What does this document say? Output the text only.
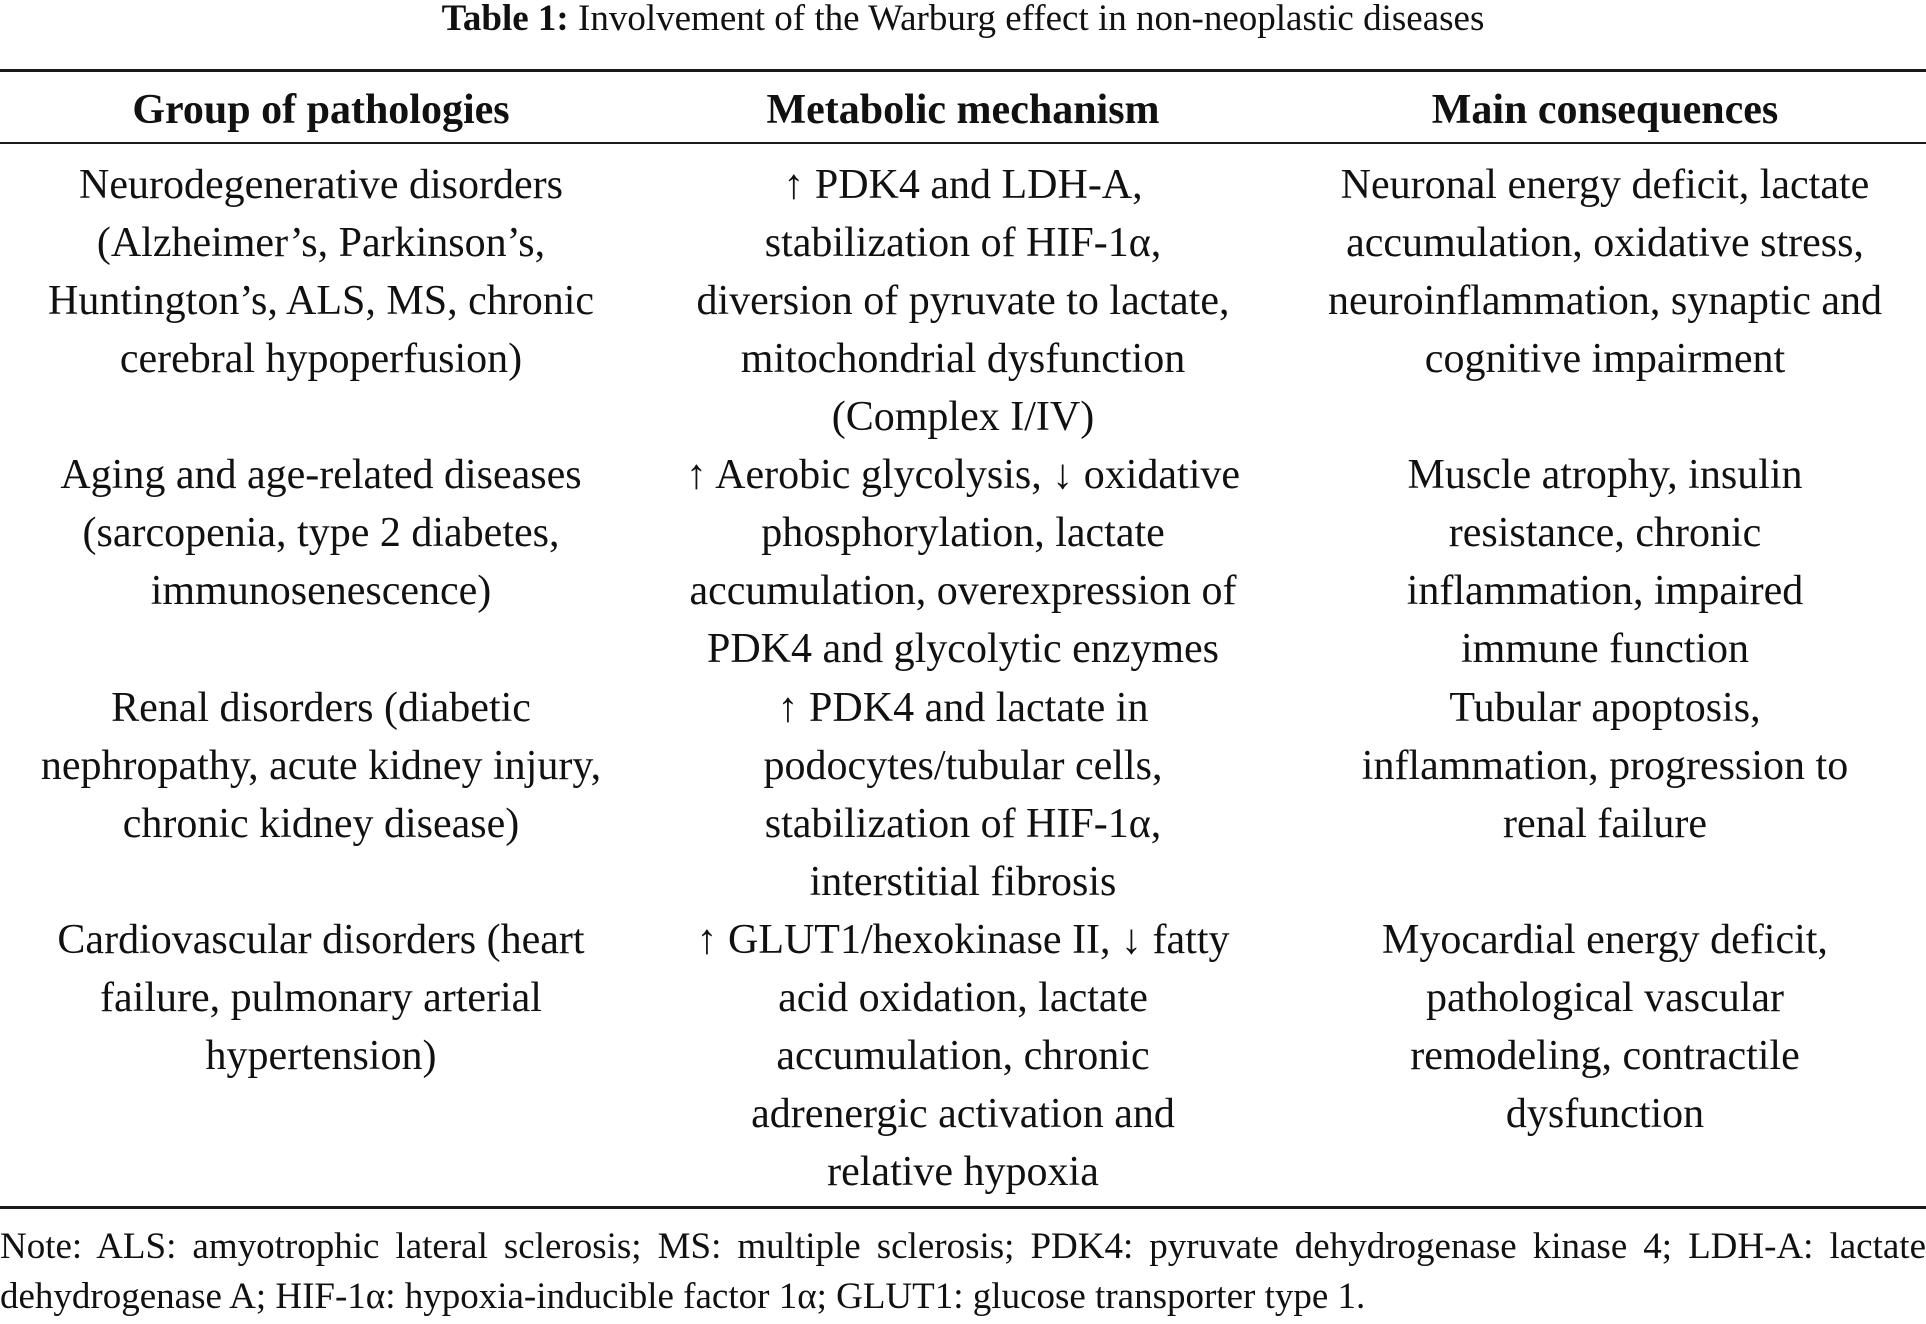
Table 1: Involvement of the Warburg effect in non-neoplastic diseases
Group of pathologies	Metabolic mechanism	Main consequences
Neurodegenerative disorders (Alzheimer’s, Parkinson’s, Huntington’s, ALS, MS, chronic cerebral hypoperfusion)
↑ PDK4 and LDH-A, stabilization of HIF-1α, diversion of pyruvate to lactate, mitochondrial dysfunction (Complex I/IV)
Neuronal energy deficit, lactate accumulation, oxidative stress, neuroinflammation, synaptic and cognitive impairment
Aging and age-related diseases (sarcopenia, type 2 diabetes, immunosenescence)
↑ Aerobic glycolysis, ↓ oxidative phosphorylation, lactate accumulation, overexpression of PDK4 and glycolytic enzymes
Muscle atrophy, insulin resistance, chronic inflammation, impaired immune function
Renal disorders (diabetic nephropathy, acute kidney injury, chronic kidney disease)
↑ PDK4 and lactate in podocytes/tubular cells, stabilization of HIF-1α, interstitial fibrosis
Tubular apoptosis, inflammation, progression to renal failure
Cardiovascular disorders (heart failure, pulmonary arterial hypertension)
↑ GLUT1/hexokinase II, ↓ fatty acid oxidation, lactate accumulation, chronic adrenergic activation and relative hypoxia
Myocardial energy deficit, pathological vascular remodeling, contractile dysfunction
Note: ALS: amyotrophic lateral sclerosis; MS: multiple sclerosis; PDK4: pyruvate dehydrogenase kinase 4; LDH-A: lactate dehydrogenase A; HIF-1α: hypoxia-inducible factor 1α; GLUT1: glucose transporter type 1.
